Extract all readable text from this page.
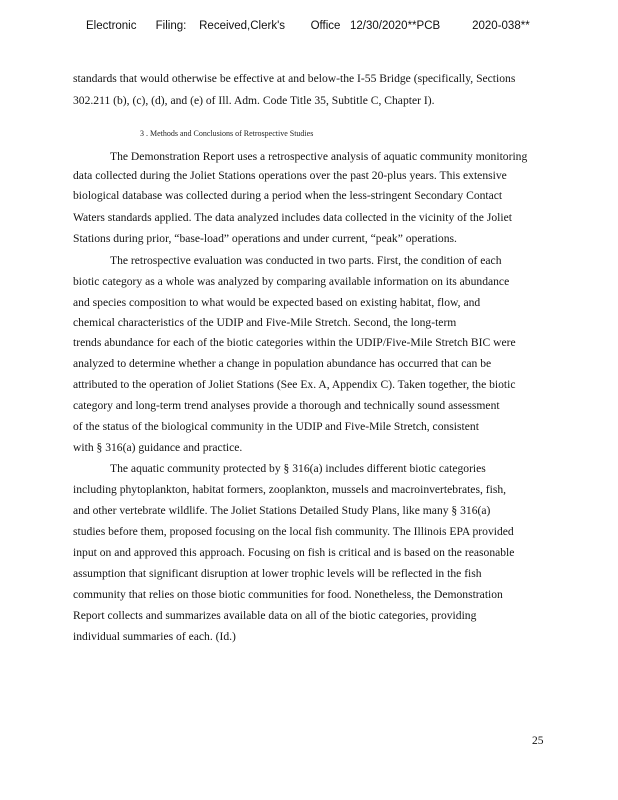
Electronic      Filing:    Received,Clerk's        Office   12/30/2020**PCB          2020-038**
standards that would otherwise be effective at and below-the I-55 Bridge (specifically, Sections
302.211 (b), (c), (d), and (e) of Ill. Adm. Code Title 35, Subtitle C, Chapter I).
3 . Methods and Conclusions of Retrospective Studies
The Demonstration Report uses a retrospective analysis of aquatic community monitoring
data collected during the Joliet Stations operations over the past 20-plus years. This extensive
biological database was collected during a period when the less-stringent Secondary Contact
Waters standards applied. The data analyzed includes data collected in the vicinity of the Joliet
Stations during prior, “base-load” operations and under current, “peak” operations.
The retrospective evaluation was conducted in two parts. First, the condition of each
biotic category as a whole was analyzed by comparing available information on its abundance
and species composition to what would be expected based on existing habitat, flow, and
chemical characteristics of the UDIP and Five-Mile Stretch. Second, the long-term
trends abundance for each of the biotic categories within the UDIP/Five-Mile Stretch BIC were
analyzed to determine whether a change in population abundance has occurred that can be
attributed to the operation of Joliet Stations (See Ex. A, Appendix C). Taken together, the biotic
category and long-term trend analyses provide a thorough and technically sound assessment
of the status of the biological community in the UDIP and Five-Mile Stretch, consistent
with § 316(a) guidance and practice.
The aquatic community protected by § 316(a) includes different biotic categories
including phytoplankton, habitat formers, zooplankton, mussels and macroinvertebrates, fish,
and other vertebrate wildlife. The Joliet Stations Detailed Study Plans, like many § 316(a)
studies before them, proposed focusing on the local fish community. The Illinois EPA provided
input on and approved this approach. Focusing on fish is critical and is based on the reasonable
assumption that significant disruption at lower trophic levels will be reflected in the fish
community that relies on those biotic communities for food. Nonetheless, the Demonstration
Report collects and summarizes available data on all of the biotic categories, providing
individual summaries of each. (Id.)
25
